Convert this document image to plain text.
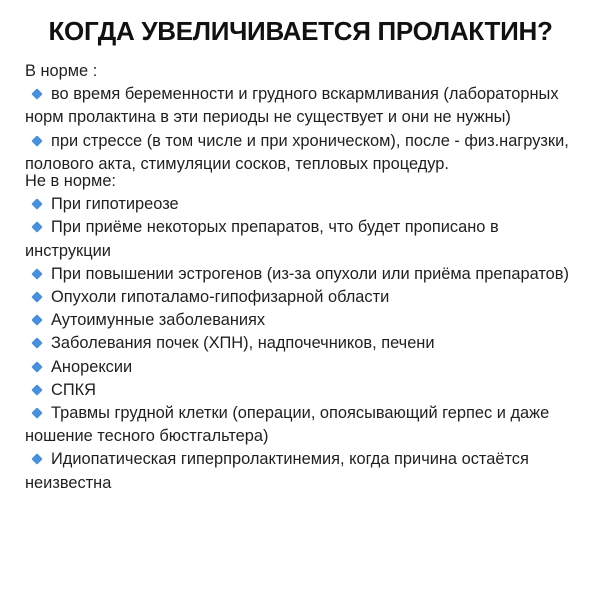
КОГДА УВЕЛИЧИВАЕТСЯ ПРОЛАКТИН?
В норме :
во время беременности и грудного вскармливания (лабораторных норм пролактина в эти периоды не существует и они не нужны)
при стрессе (в том числе и при хроническом), после - физ.нагрузки, полового акта, стимуляции сосков, тепловых процедур.
Не в норме:
При гипотиреозе
При приёме некоторых препаратов, что будет прописано в инструкции
При повышении эстрогенов (из-за опухоли или приёма препаратов)
Опухоли гипоталамо-гипофизарной области
Аутоимунные заболеваниях
Заболевания почек (ХПН), надпочечников, печени
Анорексии
СПКЯ
Травмы грудной клетки (операции, опоясывающий герпес и даже ношение тесного бюстгальтера)
Идиопатическая гиперпролактинемия, когда причина остаётся неизвестна
